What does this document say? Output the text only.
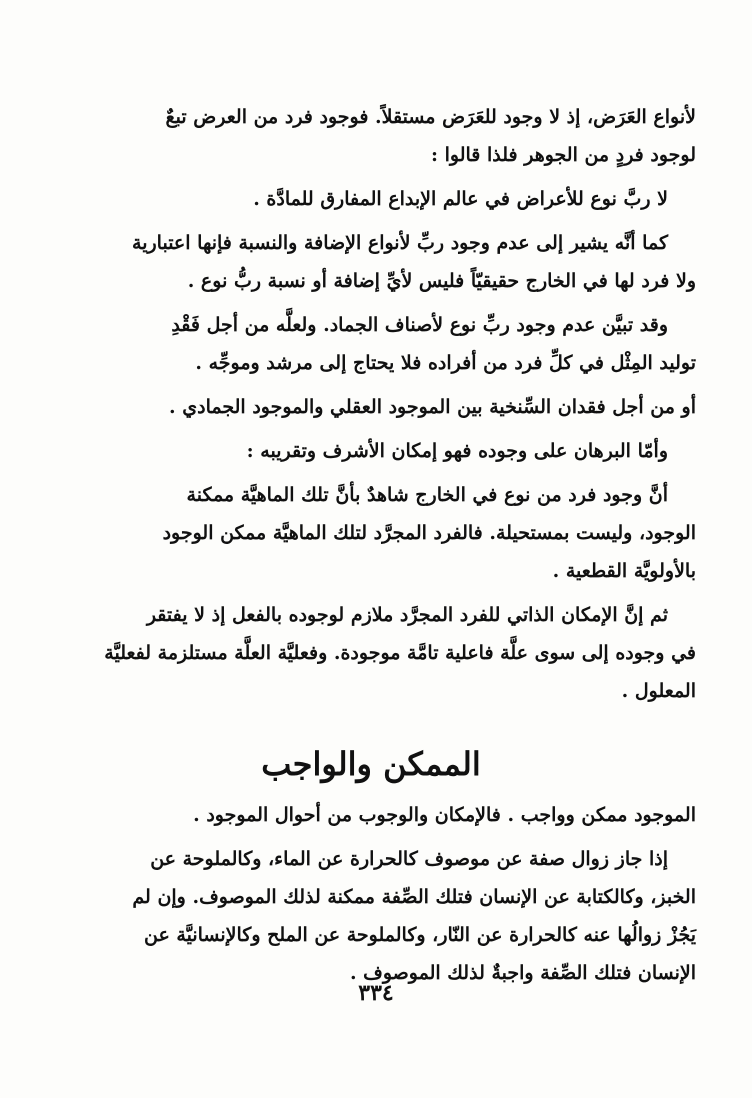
لأنواع العَرَض، إذ لا وجود للعَرَض مستقلاً. فوجود فرد من العرض تبعٌ
لوجود فردٍ من الجوهر فلذا قالوا :
لا ربَّ نوع للأعراض في عالم الإبداع المفارق للمادَّة .
كما أنَّه يشير إلى عدم وجود ربِّ لأنواع الإضافة والنسبة فإنها اعتبارية
ولا فرد لها في الخارج حقيقيّاً فليس لأيِّ إضافة أو نسبة ربُّ نوع .
وقد تبيَّن عدم وجود ربِّ نوع لأصناف الجماد. ولعلَّه من أجل فَقْدِ
توليد المِثْل في كلِّ فرد من أفراده فلا يحتاج إلى مرشد وموجِّه .
أو من أجل فقدان السِّنخية بين الموجود العقلي والموجود الجمادي .
وأمّا البرهان على وجوده فهو إمكان الأشرف وتقريبه :
أنَّ وجود فرد من نوع في الخارج شاهدٌ بأنَّ تلك الماهيَّة ممكنة
الوجود، وليست بمستحيلة. فالفرد المجرَّد لتلك الماهيَّة ممكن الوجود
بالأولويَّة القطعية .
ثم إنَّ الإمكان الذاتي للفرد المجرَّد ملازم لوجوده بالفعل إذ لا يفتقر
في وجوده إلى سوى علَّة فاعلية تامَّة موجودة. وفعليَّة العلَّة مستلزمة لفعليَّة
المعلول .
الممكن والواجب
الموجود ممكن وواجب . فالإمكان والوجوب من أحوال الموجود .
إذا جاز زوال صفة عن موصوف كالحرارة عن الماء، وكالملوحة عن
الخبز، وكالكتابة عن الإنسان فتلك الصِّفة ممكنة لذلك الموصوف. وإن لم
يَجُزْ زوالُها عنه كالحرارة عن النّار، وكالملوحة عن الملح وكالإنسانيَّة عن
الإنسان فتلك الصِّفة واجبةٌ لذلك الموصوف .
٣٣٤
